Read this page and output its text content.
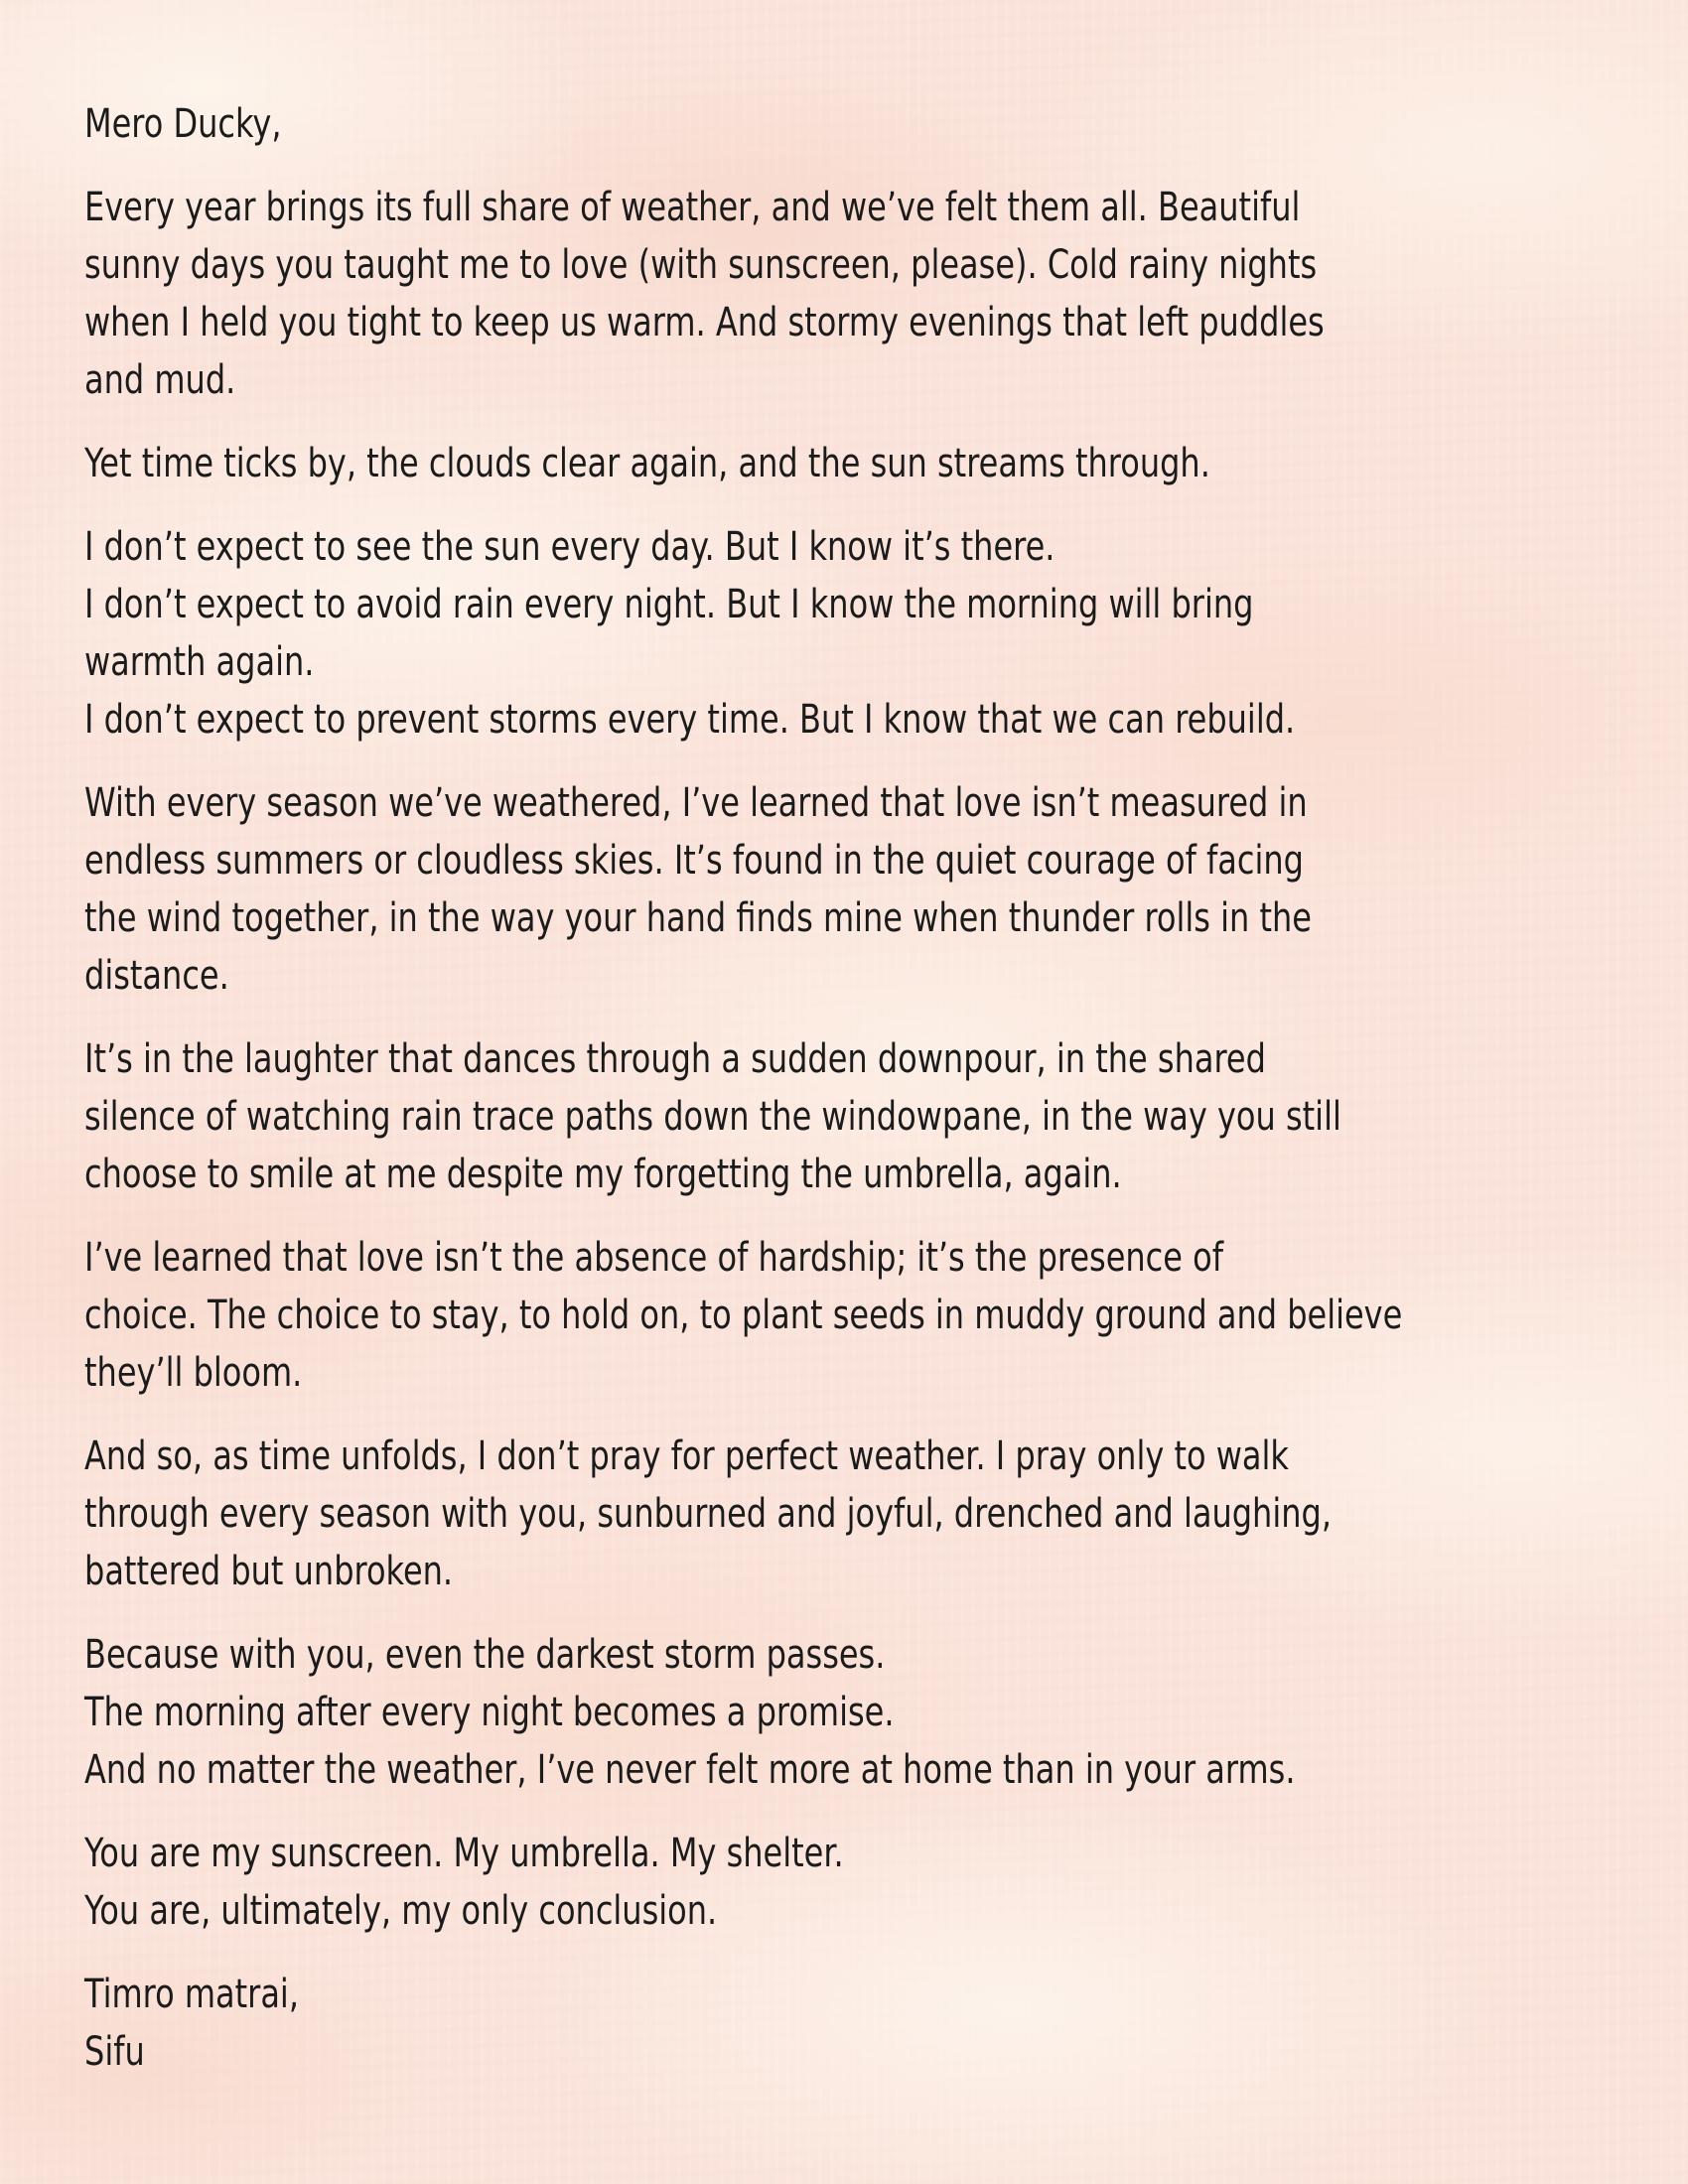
Mero Ducky,
Every year brings its full share of weather, and we’ve felt them all. Beautiful
sunny days you taught me to love (with sunscreen, please). Cold rainy nights
when I held you tight to keep us warm. And stormy evenings that left puddles
and mud.
Yet time ticks by, the clouds clear again, and the sun streams through.
I don’t expect to see the sun every day. But I know it’s there.
I don’t expect to avoid rain every night. But I know the morning will bring
warmth again.
I don’t expect to prevent storms every time. But I know that we can rebuild.
With every season we’ve weathered, I’ve learned that love isn’t measured in
endless summers or cloudless skies. It’s found in the quiet courage of facing
the wind together, in the way your hand finds mine when thunder rolls in the
distance.
It’s in the laughter that dances through a sudden downpour, in the shared
silence of watching rain trace paths down the windowpane, in the way you still
choose to smile at me despite my forgetting the umbrella, again.
I’ve learned that love isn’t the absence of hardship; it’s the presence of
choice. The choice to stay, to hold on, to plant seeds in muddy ground and believe
they’ll bloom.
And so, as time unfolds, I don’t pray for perfect weather. I pray only to walk
through every season with you, sunburned and joyful, drenched and laughing,
battered but unbroken.
Because with you, even the darkest storm passes.
The morning after every night becomes a promise.
And no matter the weather, I’ve never felt more at home than in your arms.
You are my sunscreen. My umbrella. My shelter.
You are, ultimately, my only conclusion.
Timro matrai,
Sifu
